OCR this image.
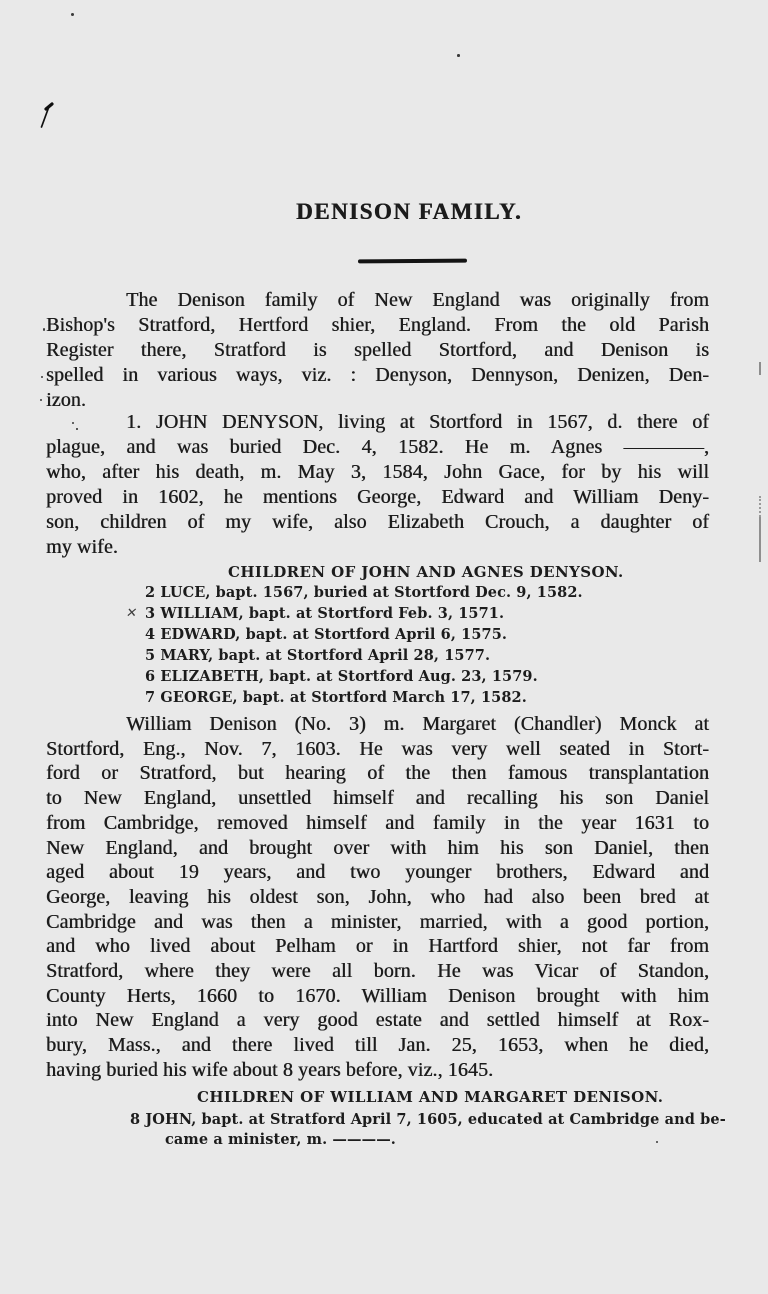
DENISON FAMILY.
The Denison family of New England was originally from
Bishop's Stratford, Hertford shier, England. From the old Parish
Register there, Stratford is spelled Stortford, and Denison is
spelled in various ways, viz. : Denyson, Dennyson, Denizen, Den-
izon.
1. JOHN DENYSON, living at Stortford in 1567, d. there of
plague, and was buried Dec. 4, 1582. He m. Agnes ————,
who, after his death, m. May 3, 1584, John Gace, for by his will
proved in 1602, he mentions George, Edward and William Deny-
son, children of my wife, also Elizabeth Crouch, a daughter of
my wife.
William Denison (No. 3) m. Margaret (Chandler) Monck at
Stortford, Eng., Nov. 7, 1603. He was very well seated in Stort-
ford or Stratford, but hearing of the then famous transplantation
to New England, unsettled himself and recalling his son Daniel
from Cambridge, removed himself and family in the year 1631 to
New England, and brought over with him his son Daniel, then
aged about 19 years, and two younger brothers, Edward and
George, leaving his oldest son, John, who had also been bred at
Cambridge and was then a minister, married, with a good portion,
and who lived about Pelham or in Hartford shier, not far from
Stratford, where they were all born. He was Vicar of Standon,
County Herts, 1660 to 1670. William Denison brought with him
into New England a very good estate and settled himself at Rox-
bury, Mass., and there lived till Jan. 25, 1653, when he died,
having buried his wife about 8 years before, viz., 1645.
CHILDREN OF JOHN AND AGNES DENYSON.
2 LUCE, bapt. 1567, buried at Stortford Dec. 9, 1582.
✕ 3 WILLIAM, bapt. at Stortford Feb. 3, 1571.
4 EDWARD, bapt. at Stortford April 6, 1575.
5 MARY, bapt. at Stortford April 28, 1577.
6 ELIZABETH, bapt. at Stortford Aug. 23, 1579.
7 GEORGE, bapt. at Stortford March 17, 1582.
CHILDREN OF WILLIAM AND MARGARET DENISON.
8 JOHN, bapt. at Stratford April 7, 1605, educated at Cambridge and be-
came a minister, m. ————.
